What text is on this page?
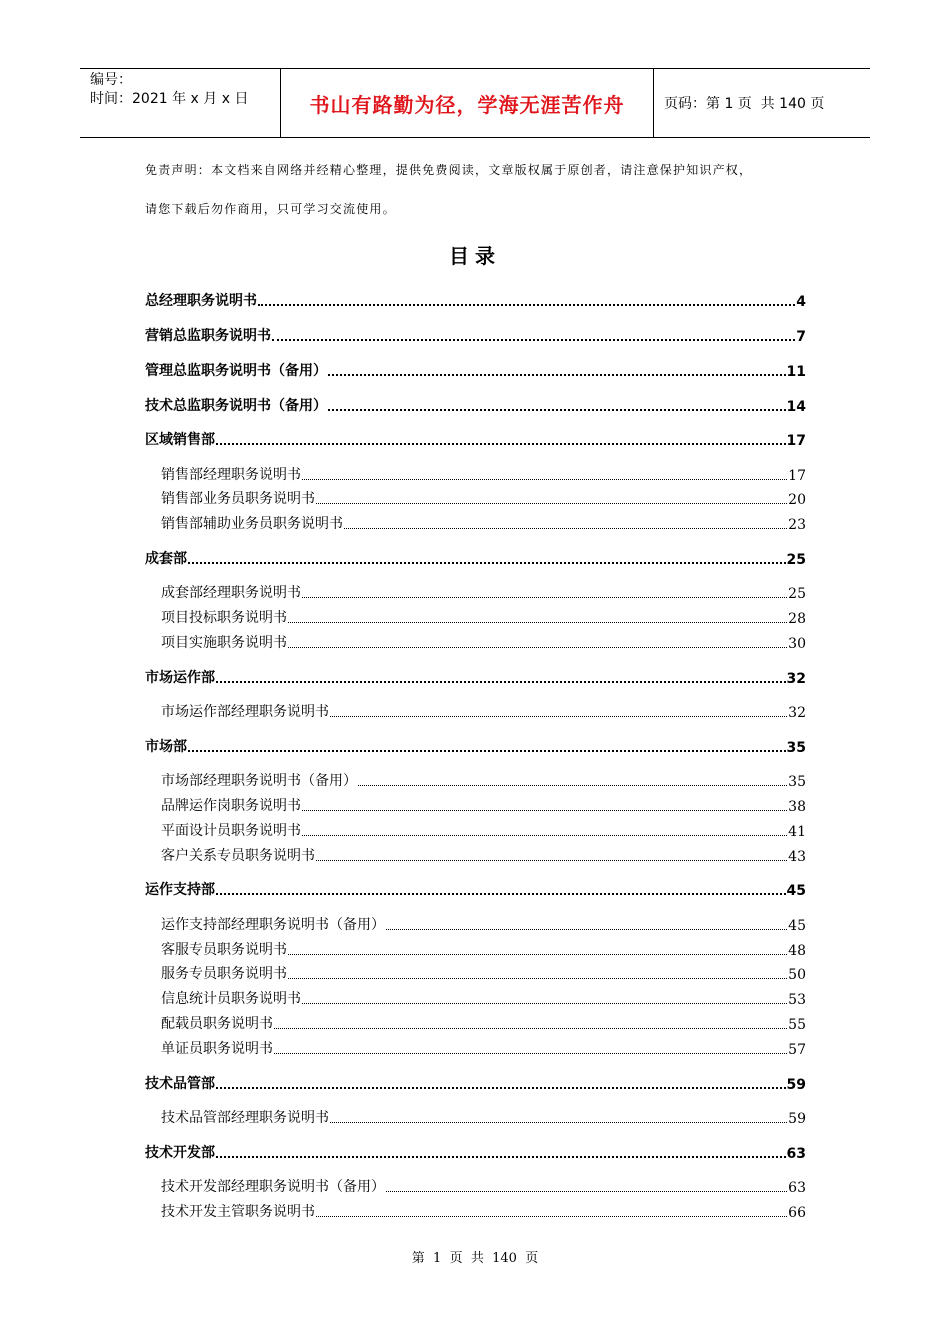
编号：
时间：2021 年 x 月 x 日	书山有路勤为径，学海无涯苦作舟	页码：第 1 页  共 140 页
免责声明：本文档来自网络并经精心整理，提供免费阅读，文章版权属于原创者，请注意保护知识产权，
请您下载后勿作商用，只可学习交流使用。
目录
总经理职务说明书	4
营销总监职务说明书	7
管理总监职务说明书（备用）	11
技术总监职务说明书（备用）	14
区域销售部	17
销售部经理职务说明书	17
销售部业务员职务说明书	20
销售部辅助业务员职务说明书	23
成套部	25
成套部经理职务说明书	25
项目投标职务说明书	28
项目实施职务说明书	30
市场运作部	32
市场运作部经理职务说明书	32
市场部	35
市场部经理职务说明书（备用）	35
品牌运作岗职务说明书	38
平面设计员职务说明书	41
客户关系专员职务说明书	43
运作支持部	45
运作支持部经理职务说明书（备用）	45
客服专员职务说明书	48
服务专员职务说明书	50
信息统计员职务说明书	53
配载员职务说明书	55
单证员职务说明书	57
技术品管部	59
技术品管部经理职务说明书	59
技术开发部	63
技术开发部经理职务说明书（备用）	63
技术开发主管职务说明书	66
第  1  页  共  140  页
